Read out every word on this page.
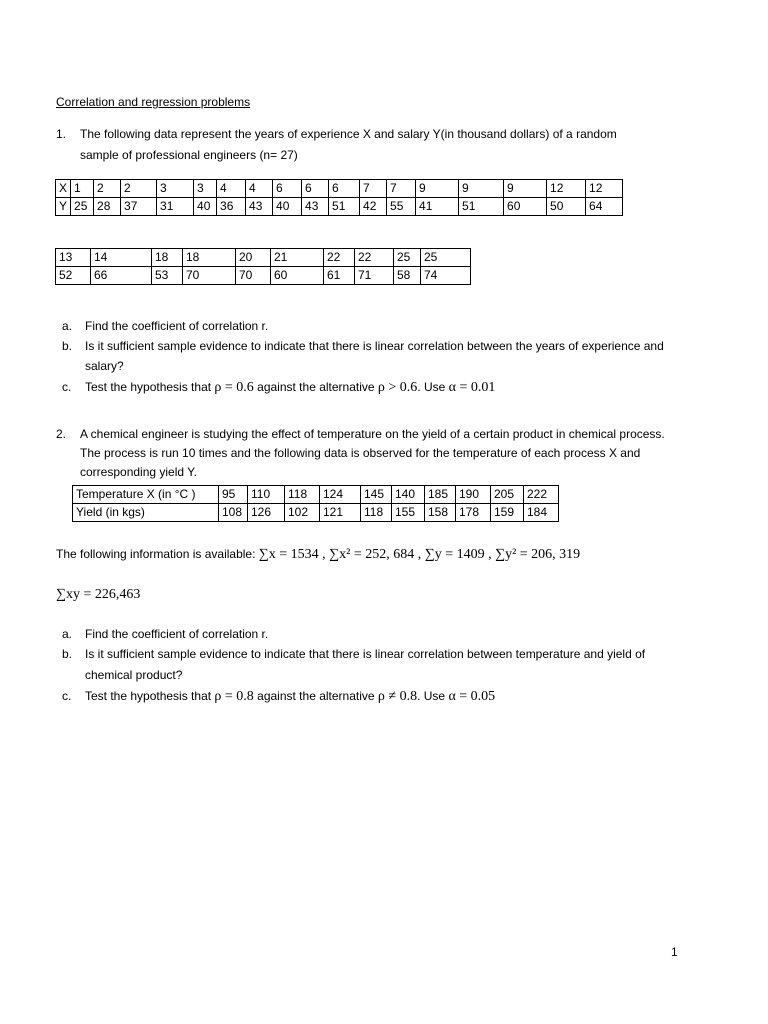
Correlation and regression problems
1. The following data represent the years of experience X and salary Y(in thousand dollars) of a random
sample of professional engineers (n= 27)
X	1	2	2	3	3	4	4	6	6	6	7	7	9	9	9	12	12
Y	25	28	37	31	40	36	43	40	43	51	42	55	41	51	60	50	64
13	14	18	18	20	21	22	22	25	25
52	66	53	70	70	60	61	71	58	74
a. Find the coefficient of correlation r.
b. Is it sufficient sample evidence to indicate that there is linear correlation between the years of experience and
salary?
c. Test the hypothesis that ρ = 0.6 against the alternative ρ > 0.6. Use α = 0.01
2. A chemical engineer is studying the effect of temperature on the yield of a certain product in chemical process.
The process is run 10 times and the following data is observed for the temperature of each process X and
corresponding yield Y.
Temperature X (in °C )	95	110	118	124	145	140	185	190	205	222
Yield (in kgs)	108	126	102	121	118	155	158	178	159	184
The following information is available: ∑x = 1534 , ∑x² = 252, 684 , ∑y = 1409 , ∑y² = 206, 319
∑xy = 226,463
a. Find the coefficient of correlation r.
b. Is it sufficient sample evidence to indicate that there is linear correlation between temperature and yield of
chemical product?
c. Test the hypothesis that ρ = 0.8 against the alternative ρ ≠ 0.8. Use α = 0.05
1
